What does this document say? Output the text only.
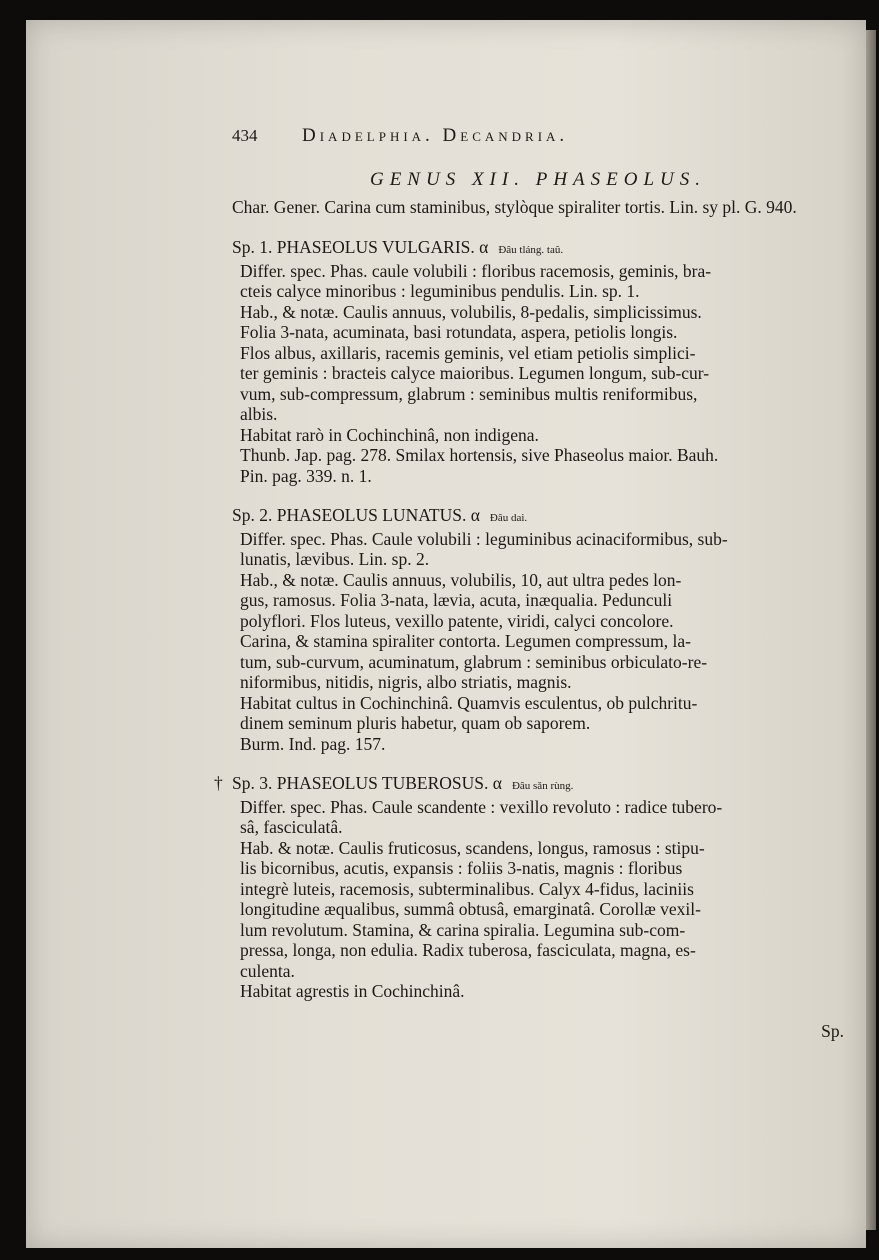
434	Diadelphia. Decandria.
GENUS XII. PHASEOLUS.
Char. Gener. Carina cum staminibus, stylòque spiraliter tortis. Lin. sy pl. G. 940.
Sp. 1. PHASEOLUS VULGARIS. α Đâu tláng. taû.
Differ. spec. Phas. caule volubili : floribus racemosis, geminis, bra-
cteis calyce minoribus : leguminibus pendulis. Lin. sp. 1.
Hab., & notæ. Caulis annuus, volubilis, 8-pedalis, simplicissimus.
Folia 3-nata, acuminata, basi rotundata, aspera, petiolis longis.
Flos albus, axillaris, racemis geminis, vel etiam petiolis simplici-
ter geminis : bracteis calyce maioribus. Legumen longum, sub-cur-
vum, sub-compressum, glabrum : seminibus multis reniformibus,
albis.
Habitat rarò in Cochinchinâ, non indigena.
Thunb. Jap. pag. 278. Smilax hortensis, sive Phaseolus maior. Bauh.
Pin. pag. 339. n. 1.
Sp. 2. PHASEOLUS LUNATUS. α Đâu dai.
Differ. spec. Phas. Caule volubili : leguminibus acinaciformibus, sub-
lunatis, lævibus. Lin. sp. 2.
Hab., & notæ. Caulis annuus, volubilis, 10, aut ultra pedes lon-
gus, ramosus. Folia 3-nata, lævia, acuta, inæqualia. Pedunculi
polyflori. Flos luteus, vexillo patente, viridi, calyci concolore.
Carina, & stamina spiraliter contorta. Legumen compressum, la-
tum, sub-curvum, acuminatum, glabrum : seminibus orbiculato-re-
niformibus, nitidis, nigris, albo striatis, magnis.
Habitat cultus in Cochinchinâ. Quamvis esculentus, ob pulchritu-
dinem seminum pluris habetur, quam ob saporem.
Burm. Ind. pag. 157.
† Sp. 3. PHASEOLUS TUBEROSUS. α Đâu sǎn rùng.
Differ. spec. Phas. Caule scandente : vexillo revoluto : radice tubero-
sâ, fasciculatâ.
Hab. & notæ. Caulis fruticosus, scandens, longus, ramosus : stipu-
lis bicornibus, acutis, expansis : foliis 3-natis, magnis : floribus
integrè luteis, racemosis, subterminalibus. Calyx 4-fidus, laciniis
longitudine æqualibus, summâ obtusâ, emarginatâ. Corollæ vexil-
lum revolutum. Stamina, & carina spiralia. Legumina sub-com-
pressa, longa, non edulia. Radix tuberosa, fasciculata, magna, es-
culenta.
Habitat agrestis in Cochinchinâ.
Sp.
